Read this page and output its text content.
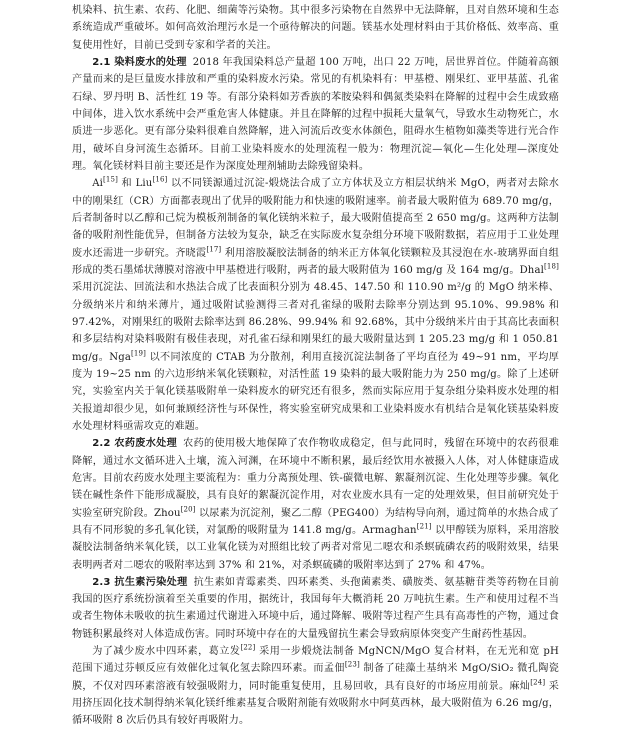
机染料、抗生素、农药、化肥、细菌等污染物。其中很多污染物在自然界中无法降解，且对自然环境和生态系统造成严重破坏。如何高效治理污水是一个亟待解决的问题。镁基水处理材料由于其价格低、效率高、重复使用性好，目前已受到专家和学者的关注。

2.1 染料废水的处理 2018 年我国染料总产量超 100 万吨，出口 22 万吨，居世界首位。伴随着高额产量而来的是巨量废水排放和严重的染料废水污染。常见的有机染料有：甲基橙、刚果红、亚甲基蓝、孔雀石绿、罗丹明 B、活性红 19 等。有部分染料如芳香族的苯胺染料和偶氮类染料在降解的过程中会生成致癌中间体，进入饮水系统中会严重危害人体健康。并且在降解的过程中损耗大量氧气，导致水生动物死亡，水质进一步恶化。更有部分染料很难自然降解，进入河流后改变水体颜色，阻碍水生植物如藻类等进行光合作用，破坏自身河流生态循环。目前工业染料废水的处理流程一般为：物理沉淀—氧化—生化处理—深度处理。氧化镁材料目前主要还是作为深度处理剂辅助去除残留染料。

Ai[15] 和 Liu[16] 以不同镁源通过沉淀-煅烧法合成了立方体状及立方相层状纳米 MgO，两者对去除水中的刚果红（CR）方面都表现出了优异的吸附能力和快速的吸附速率。前者最大吸附值为 689.70 mg/g，后者制备时以乙醇和己烷为模板剂制备的氧化镁纳米粒子，最大吸附值提高至 2 650 mg/g。这两种方法制备的吸附剂性能优异，但制备方法较为复杂，缺乏在实际废水复杂组分环境下吸附数据，若应用于工业处理废水还需进一步研究。齐晓霞[17] 利用溶胶凝胶法制备的纳米正方体氧化镁颗粒及其浸泡在水-玻璃界面自组形成的类石墨烯状薄膜对溶液中甲基橙进行吸附，两者的最大吸附值为 160 mg/g 及 164 mg/g。Dhal[18] 采用沉淀法、回流法和水热法合成了比表面积分别为 48.45、147.50 和 110.90 m²/g 的 MgO 纳米棒、分级纳米片和纳米薄片，通过吸附试验测得三者对孔雀绿的吸附去除率分别达到 95.10%、99.98% 和 97.42%，对刚果红的吸附去除率达到 86.28%、99.94% 和 92.68%，其中分级纳米片由于其高比表面积和多层结构对染料吸附有极佳表现，对孔雀石绿和刚果红的最大吸附量达到 1 205.23 mg/g 和 1 050.81 mg/g。Nga[19] 以不同浓度的 CTAB 为分散剂，利用直接沉淀法制备了平均直径为 49~91 nm，平均厚度为 19~25 nm 的六边形纳米氧化镁颗粒，对活性蓝 19 染料的最大吸附能力为 250 mg/g。除了上述研究，实验室内关于氧化镁基吸附单一染料废水的研究还有很多，然而实际应用于复杂组分染料废水处理的相关报道却很少见，如何兼顾经济性与环保性，将实验室研究成果和工业染料废水有机结合是氧化镁基染料废水处理材料亟需攻克的难题。

2.2 农药废水处理 农药的使用极大地保障了农作物收成稳定，但与此同时，残留在环境中的农药很难降解，通过水文循环进入土壤，流入河渊，在环境中不断积累，最后经饮用水被摄入人体，对人体健康造成危害。目前农药废水处理主要流程为：重力分离预处理、铁-碳微电解、絮凝剂沉淀、生化处理等步骤。氧化镁在碱性条件下能形成凝胶，具有良好的絮凝沉淀作用，对农业废水具有一定的处理效果，但目前研究处于实验室研究阶段。Zhou[20] 以尿素为沉淀剂，聚乙二醇（PEG400）为结构导向剂，通过简单的水热合成了具有不同形貌的多孔氧化镁，对氯酚的吸附量为 141.8 mg/g。Armaghan[21] 以甲醇镁为原料，采用溶胶凝胶法制备纳米氧化镁，以工业氧化镁为对照组比较了两者对常见二噁农和杀螟硫磷农药的吸附效果，结果表明两者对二噁农的吸附率达到 37% 和 21%，对杀螟硫磷的吸附率达到了 27% 和 47%。

2.3 抗生素污染处理 抗生素如青霉素类、四环素类、头孢菌素类、磺胺类、氨基糖苷类等药物在目前我国的医疗系统扮演着至关重要的作用，据统计，我国每年大概消耗 20 万吨抗生素。生产和使用过程不当或者生物体未吸收的抗生素通过代谢进入环境中后，通过降解、吸附等过程产生具有高毒性的产物，通过食物链积累最终对人体造成伤害。同时环境中存在的大量残留抗生素会导致病原体突变产生耐药性基因。

为了减少废水中四环素，葛立发[22] 采用一步煅烧法制备 MgNCN/MgO 复合材料，在无光和宽 pH 范围下通过芬顿反应有效催化过氧化氢去除四环素。而孟佃[23] 制备了硅藻土基纳米 MgO/SiO₂ 微孔陶瓷膜，不仅对四环素溶液有较强吸附力，同时能重复使用，且易回收，具有良好的市场应用前景。麻灿[24] 采用挤压固化技术制得纳米氧化镁纤维素基复合吸附剂能有效吸附水中阿莫西林，最大吸附值为 6.26 mg/g，循环吸附 8 次后仍具有较好再吸附力。
